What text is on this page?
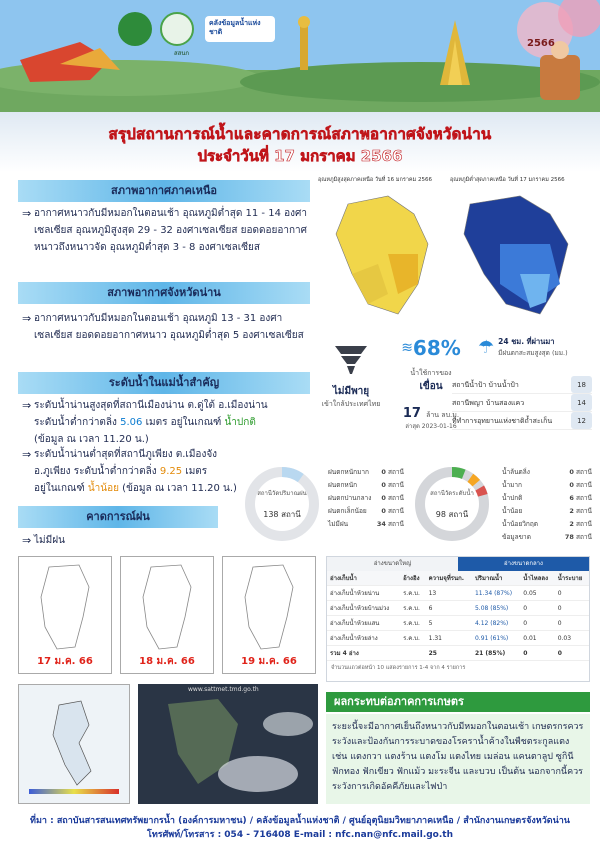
สสนก
คลังข้อมูลน้ำแห่งชาติ
2566
สรุปสถานการณ์น้ำและคาดการณ์สภาพอากาศจังหวัดน่าน
ประจำวันที่ 17 มกราคม 2566
สภาพอากาศภาคเหนือ
⇒ อากาศหนาวกับมีหมอกในตอนเช้า อุณหภูมิต่ำสุด 11 - 14 องศาเซลเซียส อุณหภูมิสูงสุด 29 - 32 องศาเซลเซียส ยอดดอยอากาศหนาวถึงหนาวจัด อุณหภูมิต่ำสุด 3 - 8 องศาเซลเซียส
สภาพอากาศจังหวัดน่าน
⇒ อากาศหนาวกับมีหมอกในตอนเช้า อุณหภูมิ 13 - 31 องศาเซลเซียส ยอดดอยอากาศหนาว อุณหภูมิต่ำสุด 5 องศาเซลเซียส
ระดับน้ำในแม่น้ำสำคัญ
⇒ ระดับน้ำน่านสูงสุดที่สถานีเมืองน่าน ต.ดู่ใต้ อ.เมืองน่าน
ระดับน้ำต่ำกว่าตลิ่ง 5.06 เมตร อยู่ในเกณฑ์ น้ำปกติ
(ข้อมูล ณ เวลา 11.20 น.)
⇒ ระดับน้ำน่านต่ำสุดที่สถานีภูเพียง ต.เมืองจัง
อ.ภูเพียง ระดับน้ำต่ำกว่าตลิ่ง 9.25 เมตร
อยู่ในเกณฑ์ น้ำน้อย (ข้อมูล ณ เวลา 11.20 น.)
คาดการณ์ฝน
⇒ ไม่มีฝน
17 ม.ค. 66	18 ม.ค. 66	19 ม.ค. 66
www.sattmet.tmd.go.th
อุณหภูมิสูงสุดภาคเหนือ วันที่ 16 มกราคม 2566	อุณหภูมิต่ำสุดภาคเหนือ วันที่ 17 มกราคม 2566
ไม่มีพายุ
เข้าใกล้ประเทศไทย
≋ 68%
น้ำใช้การของ
เขื่อน
17 ล้าน ลบ.ม.
ล่าสุด 2023-01-16
☂ 24 ชม. ที่ผ่านมา
มีฝนตกสะสมสูงสุด (มม.)
สถานีน้ำป้า บ้านน้ำป้า	18
สถานีพญา บ้านสองแคว	14
ที่ทำการอุทยานแห่งชาติถ้ำสะเก็น	12
สถานีวัดปริมาณฝน
138 สถานี
ฝนตกหนักมาก 0 สถานี
ฝนตกหนัก	0 สถานี
ฝนตกปานกลาง 0 สถานี
ฝนตกเล็กน้อย 0 สถานี
ไม่มีฝน	34 สถานี
สถานีวัดระดับน้ำ
98 สถานี
น้ำล้นตลิ่ง	0 สถานี
น้ำมาก	0 สถานี
น้ำปกติ	6 สถานี
น้ำน้อย	2 สถานี
น้ำน้อยวิกฤต	2 สถานี
ข้อมูลขาด	78 สถานี
อ่างขนาดใหญ่	อ่างขนาดกลาง
อ่างเก็บน้ำ	อ้างอิง	ความจุที่รนก.	ปริมาณน้ำ	น้ำไหลลง	น้ำระบาย
อ่างเก็บน้ำห้วยน่าน	ร.ค.บ.	13	11.34 (87%)	0.05	0
อ่างเก็บน้ำห้วยบ้านม่วง	ร.ค.บ.	6	5.08 (85%)	0	0
อ่างเก็บน้ำห้วยแสน	ร.ค.บ.	5	4.12 (82%)	0	0
อ่างเก็บน้ำห้วยล่าง	ร.ค.บ.	1.31	0.91 (61%)	0.01	0.03
รวม 4 อ่าง		25	21 (85%)	0	0
จำนวนแถวต่อหน้า 10 แสดงรายการ 1-4 จาก 4 รายการ
ผลกระทบต่อภาคการเกษตร
ระยะนี้จะมีอากาศเย็นถึงหนาวกับมีหมอกในตอนเช้า เกษตรกรควรระวังและป้องกันการระบาดของโรคราน้ำค้างในพืชตระกูลแตง เช่น แตงกวา แตงร้าน แตงโม แตงไทย เมล่อน แคนตาลูป ซูกินี ฟักทอง ฟักเขียว ฟักแม้ว มะระจีน และบวบ เป็นต้น นอกจากนี้ควรระวังการเกิดอัคคีภัยและไฟป่า
ที่มา : สถาบันสารสนเทศทรัพยากรน้ำ (องค์การมหาชน) / คลังข้อมูลน้ำแห่งชาติ / ศูนย์อุตุนิยมวิทยาภาคเหนือ / สำนักงานเกษตรจังหวัดน่าน
โทรศัพท์/โทรสาร : 054 - 716408 E-mail : nfc.nan@nfc.mail.go.th
